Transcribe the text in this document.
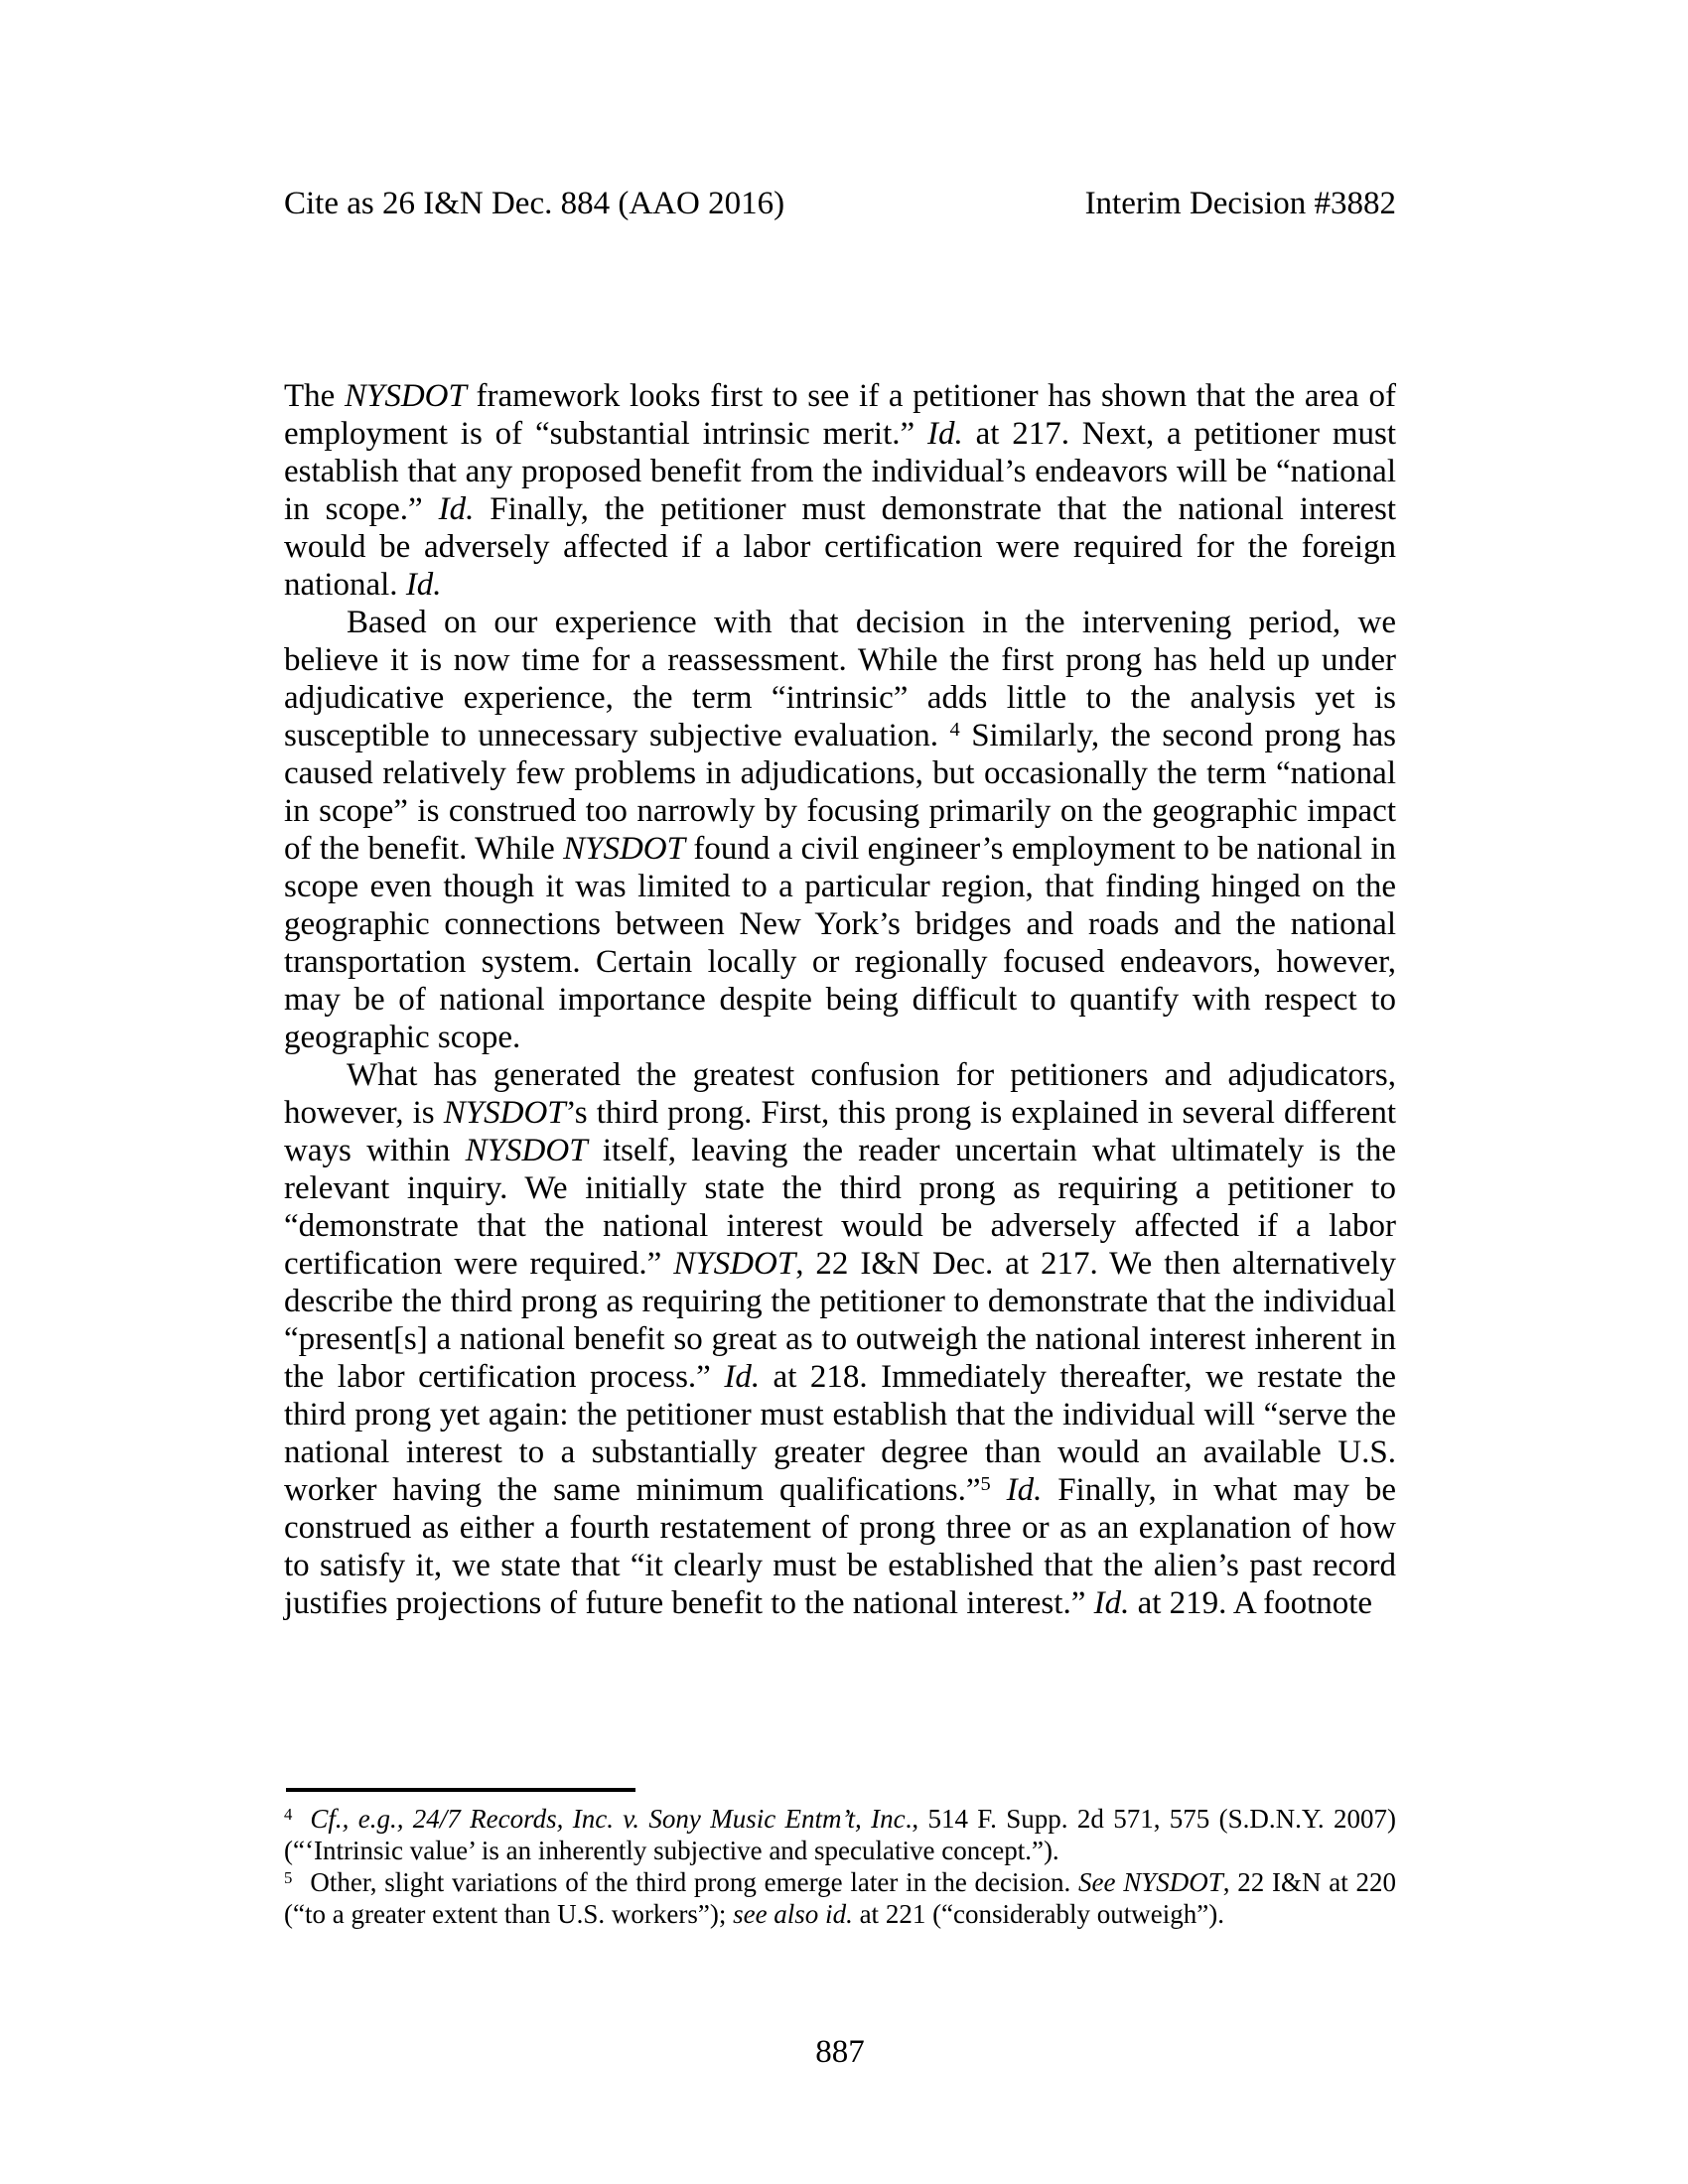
Cite as 26 I&N Dec. 884 (AAO 2016)	Interim Decision #3882

The NYSDOT framework looks first to see if a petitioner has shown that the area of employment is of “substantial intrinsic merit.” Id. at 217. Next, a petitioner must establish that any proposed benefit from the individual’s endeavors will be “national in scope.” Id. Finally, the petitioner must demonstrate that the national interest would be adversely affected if a labor certification were required for the foreign national. Id.

Based on our experience with that decision in the intervening period, we believe it is now time for a reassessment. While the first prong has held up under adjudicative experience, the term “intrinsic” adds little to the analysis yet is susceptible to unnecessary subjective evaluation. $^4$ Similarly, the second prong has caused relatively few problems in adjudications, but occasionally the term “national in scope” is construed too narrowly by focusing primarily on the geographic impact of the benefit. While NYSDOT found a civil engineer’s employment to be national in scope even though it was limited to a particular region, that finding hinged on the geographic connections between New York’s bridges and roads and the national transportation system. Certain locally or regionally focused endeavors, however, may be of national importance despite being difficult to quantify with respect to geographic scope.

What has generated the greatest confusion for petitioners and adjudicators, however, is NYSDOT’s third prong. First, this prong is explained in several different ways within NYSDOT itself, leaving the reader uncertain what ultimately is the relevant inquiry. We initially state the third prong as requiring a petitioner to “demonstrate that the national interest would be adversely affected if a labor certification were required.” NYSDOT, 22 I&N Dec. at 217. We then alternatively describe the third prong as requiring the petitioner to demonstrate that the individual “present[s] a national benefit so great as to outweigh the national interest inherent in the labor certification process.” Id. at 218. Immediately thereafter, we restate the third prong yet again: the petitioner must establish that the individual will “serve the national interest to a substantially greater degree than would an available U.S. worker having the same minimum qualifications.”$^5$ Id. Finally, in what may be construed as either a fourth restatement of prong three or as an explanation of how to satisfy it, we state that “it clearly must be established that the alien’s past record justifies projections of future benefit to the national interest.” Id. at 219. A footnote

$^4$ Cf., e.g., 24/7 Records, Inc. v. Sony Music Entm’t, Inc., 514 F. Supp. 2d 571, 575 (S.D.N.Y. 2007) (“‘Intrinsic value’ is an inherently subjective and speculative concept.”).
$^5$ Other, slight variations of the third prong emerge later in the decision. See NYSDOT, 22 I&N at 220 (“to a greater extent than U.S. workers”); see also id. at 221 (“considerably outweigh”).
887
